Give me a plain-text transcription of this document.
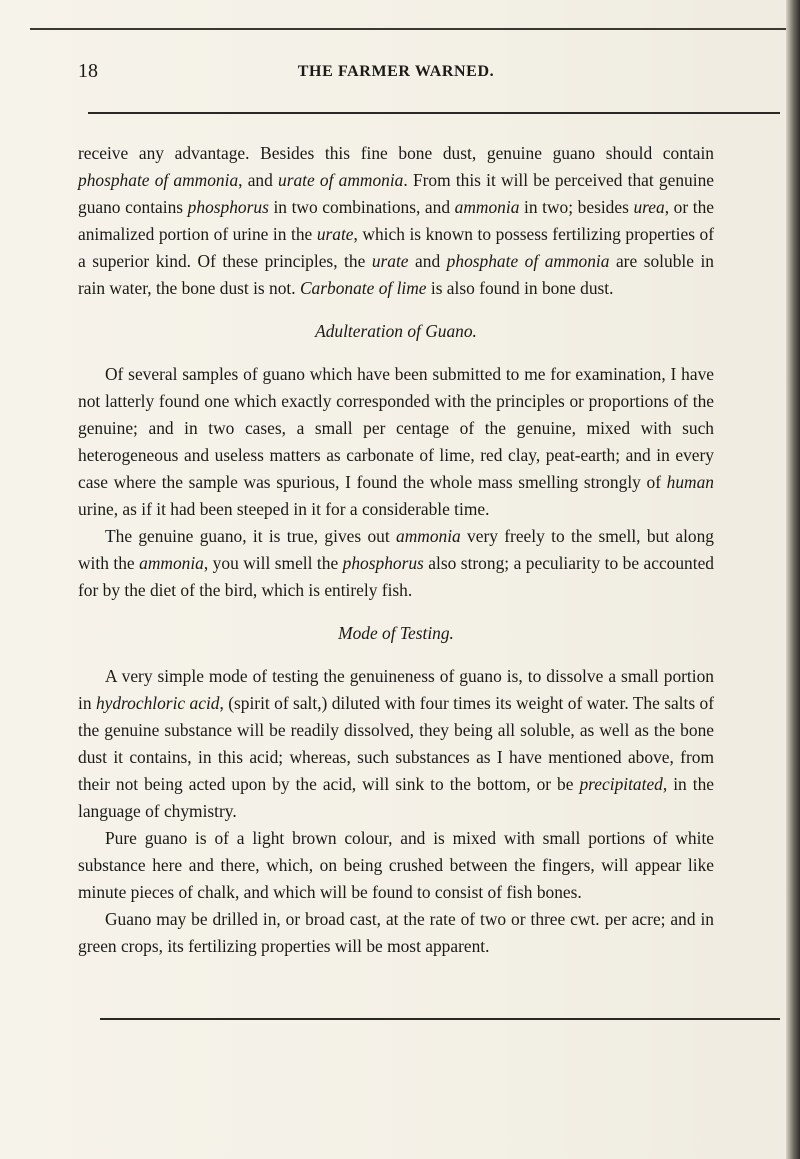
18	THE FARMER WARNED.

receive any advantage. Besides this fine bone dust, genuine guano should contain phosphate of ammonia, and urate of ammonia. From this it will be perceived that genuine guano contains phosphorus in two combinations, and ammonia in two; besides urea, or the animalized portion of urine in the urate, which is known to possess fertilizing properties of a superior kind. Of these principles, the urate and phosphate of ammonia are soluble in rain water, the bone dust is not. Carbonate of lime is also found in bone dust.

Adulteration of Guano.

Of several samples of guano which have been submitted to me for examination, I have not latterly found one which exactly corresponded with the principles or proportions of the genuine; and in two cases, a small per centage of the genuine, mixed with such heterogeneous and useless matters as carbonate of lime, red clay, peat-earth; and in every case where the sample was spurious, I found the whole mass smelling strongly of human urine, as if it had been steeped in it for a considerable time.

The genuine guano, it is true, gives out ammonia very freely to the smell, but along with the ammonia, you will smell the phosphorus also strong; a peculiarity to be accounted for by the diet of the bird, which is entirely fish.

Mode of Testing.

A very simple mode of testing the genuineness of guano is, to dissolve a small portion in hydrochloric acid, (spirit of salt,) diluted with four times its weight of water. The salts of the genuine substance will be readily dissolved, they being all soluble, as well as the bone dust it contains, in this acid; whereas, such substances as I have mentioned above, from their not being acted upon by the acid, will sink to the bottom, or be precipitated, in the language of chymistry.

Pure guano is of a light brown colour, and is mixed with small portions of white substance here and there, which, on being crushed between the fingers, will appear like minute pieces of chalk, and which will be found to consist of fish bones.

Guano may be drilled in, or broad cast, at the rate of two or three cwt. per acre; and in green crops, its fertilizing properties will be most apparent.
